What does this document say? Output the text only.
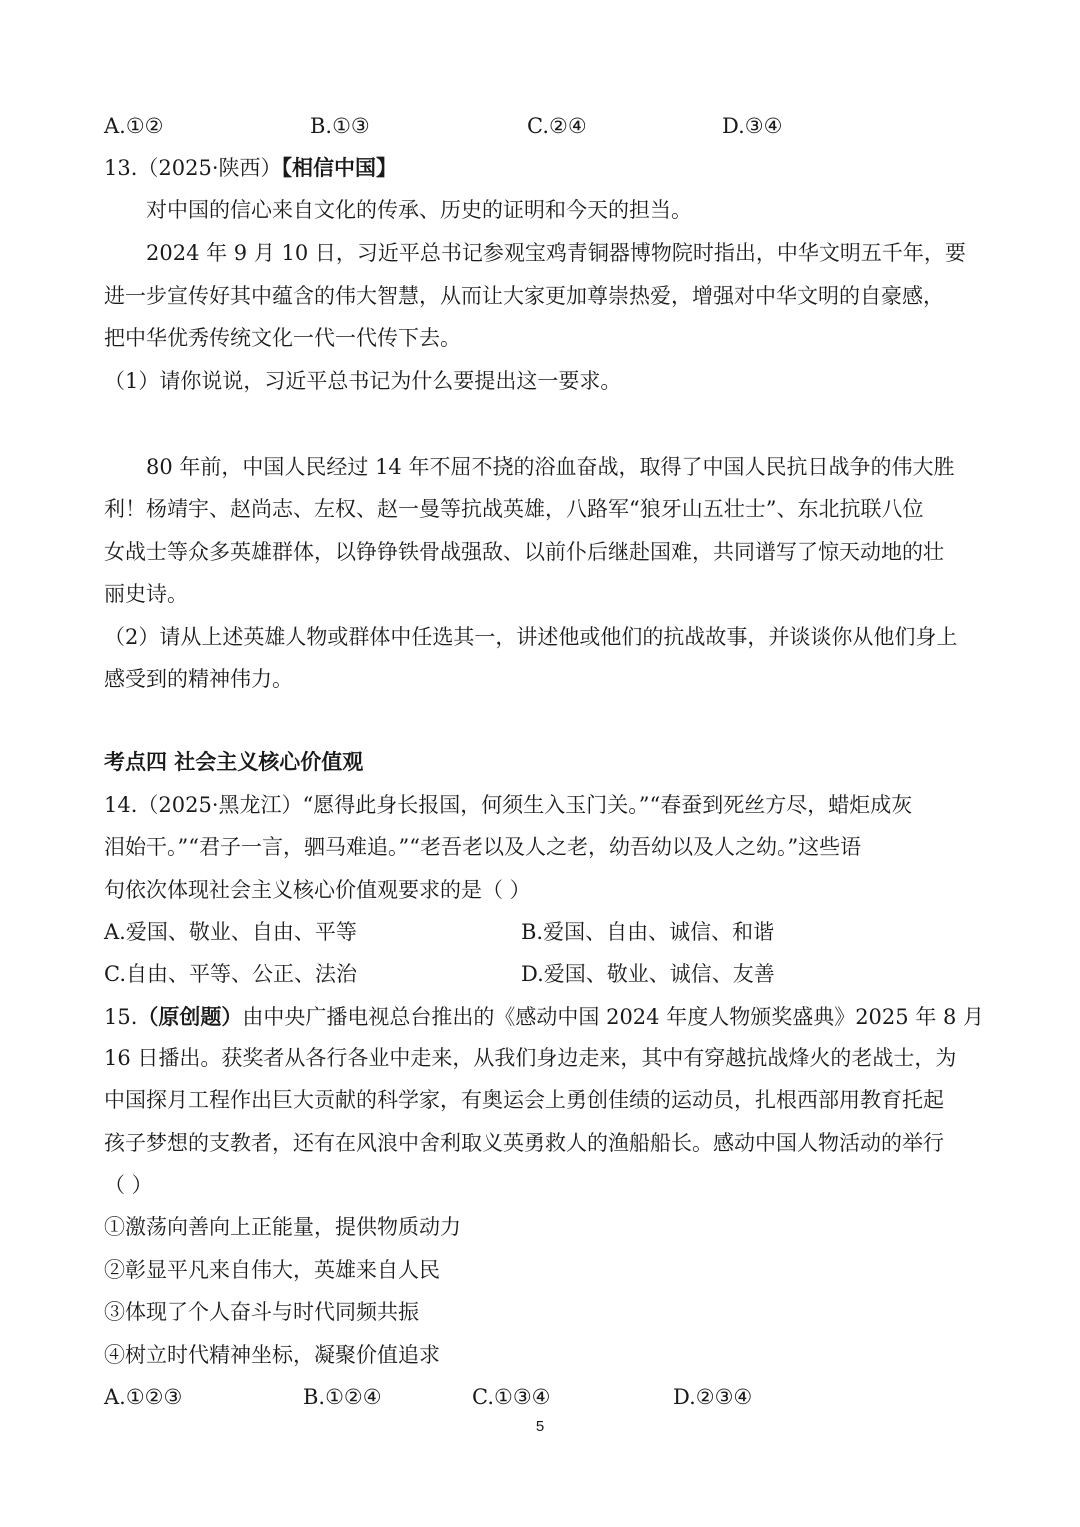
A.①②	B.①③	C.②④	D.③④
13.（2025·陕西）【相信中国】
对中国的信心来自文化的传承、历史的证明和今天的担当。
2024 年 9 月 10 日，习近平总书记参观宝鸡青铜器博物院时指出，中华文明五千年，要
进一步宣传好其中蕴含的伟大智慧，从而让大家更加尊崇热爱，增强对中华文明的自豪感，
把中华优秀传统文化一代一代传下去。
（1）请你说说，习近平总书记为什么要提出这一要求。
80 年前，中国人民经过 14 年不屈不挠的浴血奋战，取得了中国人民抗日战争的伟大胜
利！杨靖宇、赵尚志、左权、赵一曼等抗战英雄，八路军“狼牙山五壮士”、东北抗联八位
女战士等众多英雄群体，以铮铮铁骨战强敌、以前仆后继赴国难，共同谱写了惊天动地的壮
丽史诗。
（2）请从上述英雄人物或群体中任选其一，讲述他或他们的抗战故事，并谈谈你从他们身上
感受到的精神伟力。
考点四 社会主义核心价值观
14.（2025·黑龙江）“愿得此身长报国，何须生入玉门关。”“春蚕到死丝方尽，蜡炬成灰
泪始干。”“君子一言，驷马难追。”“老吾老以及人之老，幼吾幼以及人之幼。”这些语
句依次体现社会主义核心价值观要求的是（ ）
A.爱国、敬业、自由、平等	B.爱国、自由、诚信、和谐
C.自由、平等、公正、法治	D.爱国、敬业、诚信、友善
15.（原创题）由中央广播电视总台推出的《感动中国 2024 年度人物颁奖盛典》2025 年 8 月
16 日播出。获奖者从各行各业中走来，从我们身边走来，其中有穿越抗战烽火的老战士，为
中国探月工程作出巨大贡献的科学家，有奥运会上勇创佳绩的运动员，扎根西部用教育托起
孩子梦想的支教者，还有在风浪中舍利取义英勇救人的渔船船长。感动中国人物活动的举行
（ ）
①激荡向善向上正能量，提供物质动力
②彰显平凡来自伟大，英雄来自人民
③体现了个人奋斗与时代同频共振
④树立时代精神坐标，凝聚价值追求
A.①②③	B.①②④	C.①③④	D.②③④
5
